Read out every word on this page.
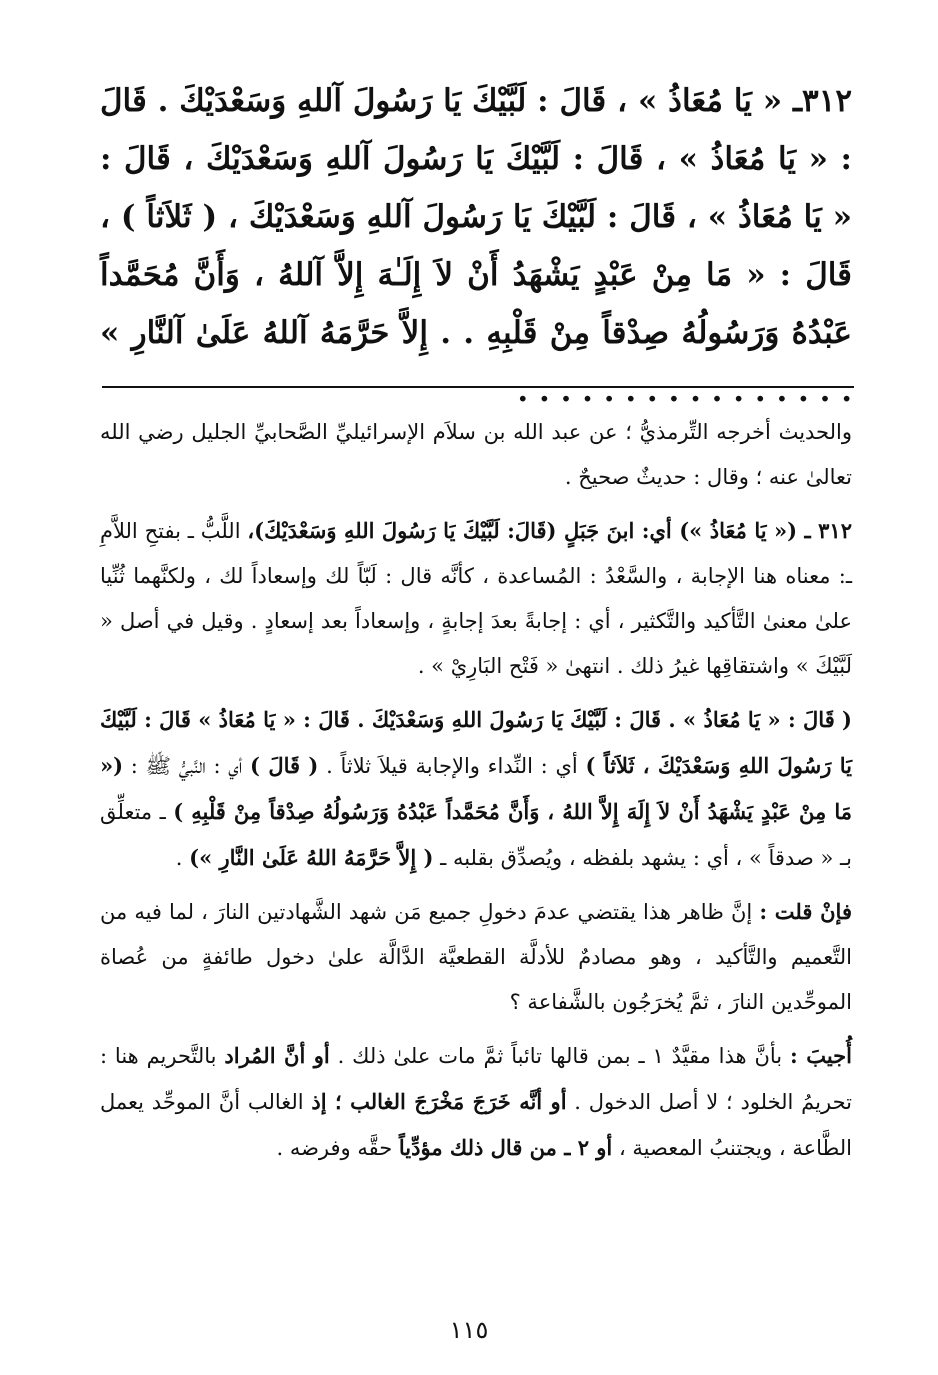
٣١٢ـ « يَا مُعَاذُ » ، قَالَ : لَبَّيْكَ يَا رَسُولَ آللهِ وَسَعْدَيْكَ . قَالَ : « يَا مُعَاذُ » ، قَالَ : لَبَّيْكَ يَا رَسُولَ آللهِ وَسَعْدَيْكَ ، قَالَ : « يَا مُعَاذُ » ، قَالَ : لَبَّيْكَ يَا رَسُولَ آللهِ وَسَعْدَيْكَ ، ( ثَلاَثاً ) ، قَالَ : « مَا مِنْ عَبْدٍ يَشْهَدُ أَنْ لاَ إِلَـٰهَ إِلاَّ آللهُ ، وَأَنَّ مُحَمَّداً عَبْدُهُ وَرَسُولُهُ صِدْقاً مِنْ قَلْبِهِ . . إِلاَّ حَرَّمَهُ آللهُ عَلَىٰ آلنَّارِ » . . . . . . . . . . . . . . . .

والحديث أخرجه التِّرمذيُّ ؛ عن عبد الله بن سلاَم الإسرائيليِّ الصَّحابيِّ الجليل رضي الله تعالىٰ عنه ؛ وقال : حديثٌ صحيحٌ .

٣١٢ ـ (« يَا مُعَاذُ ») أي: ابنَ جَبَلٍ (قَالَ: لَبَّيْكَ يَا رَسُولَ اللهِ وَسَعْدَيْكَ)، اللَّبُّ ـ بفتحِ اللاَّمِ ـ: معناه هنا الإجابة ، والسَّعْدُ : المُساعدة ، كأنَّه قال : لَبّاً لك وإسعاداً لك ، ولكنَّهما ثُنِّيا علىٰ معنىٰ التَّأكيد والتَّكثير ، أي : إجابةً بعدَ إجابةٍ ، وإسعاداً بعد إسعادٍ . وقيل في أصل « لَبَّيْكَ » واشتقاقِها غيرُ ذلك . انتهىٰ « فَتْح البَارِيْ » .

( قَالَ : « يَا مُعَاذُ » . قَالَ : لَبَّيْكَ يَا رَسُولَ اللهِ وَسَعْدَيْكَ . قَالَ : « يَا مُعَاذُ » قَالَ : لَبَّيْكَ يَا رَسُولَ اللهِ وَسَعْدَيْكَ ، ثَلاَثاً ) أي : النِّداء والإجابة قيلاَ ثلاثاً . ( قَالَ ) أي : النَّبيُّ ﷺ : (« مَا مِنْ عَبْدٍ يَشْهَدُ أَنْ لاَ إِلَهَ إِلاَّ اللهُ ، وَأَنَّ مُحَمَّداً عَبْدُهُ وَرَسُولُهُ صِدْقاً مِنْ قَلْبِهِ ) ـ متعلِّق بـ « صدقاً » ، أي : يشهد بلفظه ، ويُصدِّق بقلبه ـ ( إِلاَّ حَرَّمَهُ اللهُ عَلَىٰ النَّارِ ») .

فإنْ قلت : إنَّ ظاهر هذا يقتضي عدمَ دخولِ جميع مَن شهد الشَّهادتين النارَ ، لما فيه من التَّعميم والتَّأكيد ، وهو مصادمٌ للأدلَّة القطعيَّة الدَّالَّة علىٰ دخول طائفةٍ من عُصاة الموحِّدين النارَ ، ثمَّ يُخرَجُون بالشَّفاعة ؟

أُجيبَ : بأنَّ هذا مقيَّدٌ ١ ـ بمن قالها تائباً ثمَّ مات علىٰ ذلك . أو أنَّ المُراد بالتَّحريم هنا : تحريمُ الخلود ؛ لا أصل الدخول . أو أنَّه خَرَجَ مَخْرَجَ الغالب ؛ إذ الغالب أنَّ الموحِّد يعمل الطَّاعة ، ويجتنبُ المعصية ، أو ٢ ـ من قال ذلك مؤدِّياً حقَّه وفرضه .

١١٥
